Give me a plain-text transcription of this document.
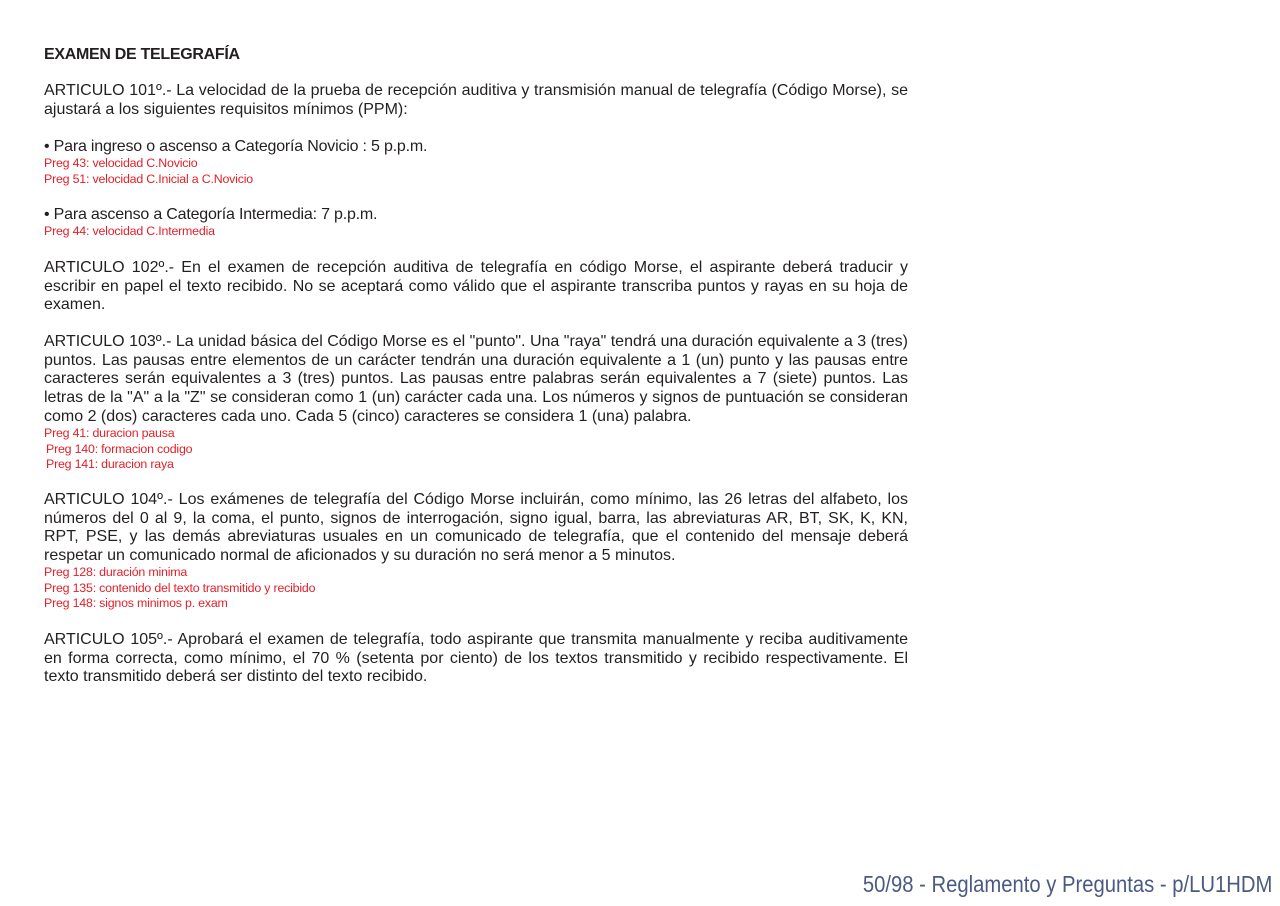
EXAMEN DE TELEGRAFÍA
ARTICULO 101º.- La velocidad de la prueba de recepción auditiva y transmisión manual de telegrafía (Código Morse), se ajustará a los siguientes requisitos mínimos (PPM):
• Para ingreso o ascenso a Categoría Novicio : 5 p.p.m.
Preg 43: velocidad C.Novicio
Preg 51: velocidad C.Inicial a C.Novicio
• Para ascenso a Categoría Intermedia: 7 p.p.m.
Preg 44: velocidad C.Intermedia
ARTICULO 102º.- En el examen de recepción auditiva de telegrafía en código Morse, el aspirante deberá traducir y escribir en papel el texto recibido. No se aceptará como válido que el aspirante transcriba puntos y rayas en su hoja de examen.
ARTICULO 103º.- La unidad básica del Código Morse es el "punto". Una "raya" tendrá una duración equivalente a 3 (tres) puntos. Las pausas entre elementos de un carácter tendrán una duración equivalente a 1 (un) punto y las pausas entre caracteres serán equivalentes a 3 (tres) puntos. Las pausas entre palabras serán equivalentes a 7 (siete) puntos. Las letras de la "A" a la "Z" se consideran como 1 (un) carácter cada una. Los números y signos de puntuación se consideran como 2 (dos) caracteres cada uno. Cada 5 (cinco) caracteres se considera 1 (una) palabra.
Preg 41: duracion pausa
Preg 140: formacion codigo
Preg 141: duracion raya
ARTICULO 104º.- Los exámenes de telegrafía del Código Morse incluirán, como mínimo, las 26 letras del alfabeto, los números del 0 al 9, la coma, el punto, signos de interrogación, signo igual, barra, las abreviaturas AR, BT, SK, K, KN, RPT, PSE, y las demás abreviaturas usuales en un comunicado de telegrafía, que el contenido del mensaje deberá respetar un comunicado normal de aficionados y su duración no será menor a 5 minutos.
Preg 128: duración minima
Preg 135: contenido del texto transmitido y recibido
Preg 148: signos minimos p. exam
ARTICULO 105º.- Aprobará el examen de telegrafía, todo aspirante que transmita manualmente y reciba auditivamente en forma correcta, como mínimo, el 70 % (setenta por ciento) de los textos transmitido y recibido respectivamente. El texto transmitido deberá ser distinto del texto recibido.
50/98 - Reglamento y Preguntas - p/LU1HDM
